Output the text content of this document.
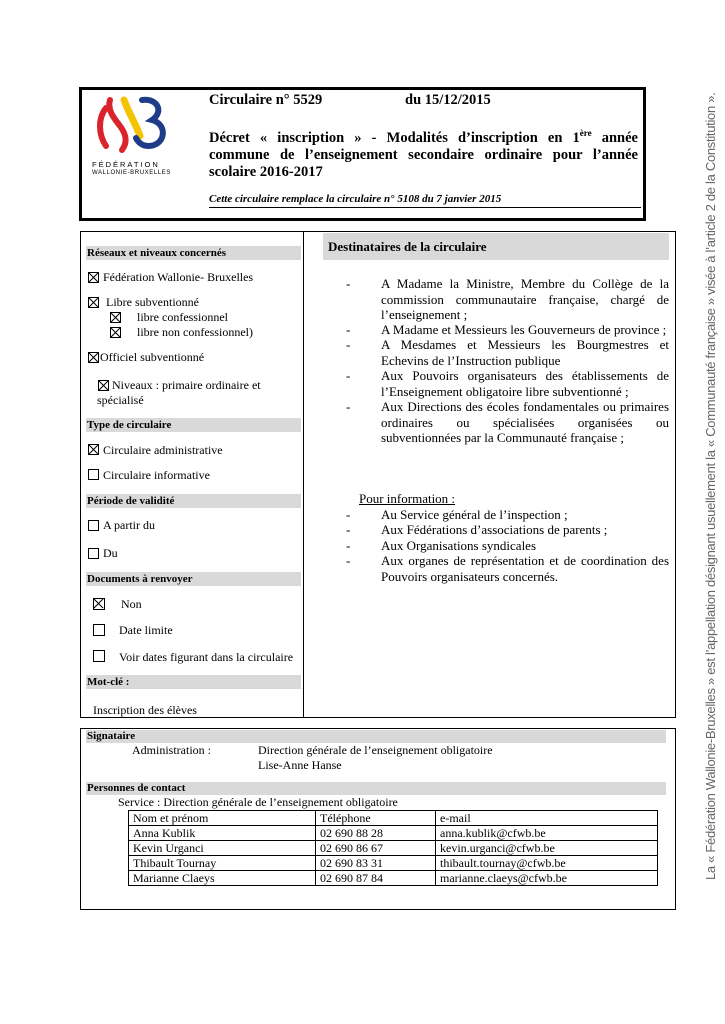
FÉDÉRATION
WALLONIE-BRUXELLES
Circulaire n° 5529	du 15/12/2015
Décret « inscription » - Modalités d’inscription en 1ère année
commune de l’enseignement secondaire ordinaire pour l’année
scolaire 2016-2017
Cette circulaire remplace la circulaire n° 5108 du 7 janvier 2015
Réseaux et niveaux concernés
Fédération Wallonie- Bruxelles
Libre subventionné
libre confessionnel
libre non confessionnel)
Officiel subventionné
Niveaux : primaire ordinaire et
spécialisé
Type de circulaire
Circulaire administrative
Circulaire informative
Période de validité
A partir du
Du
Documents à renvoyer
Non
Date limite
Voir dates figurant dans la circulaire
Mot-clé :
Inscription des élèves
Destinataires de la circulaire
- A Madame la Ministre, Membre du Collège de la commission communautaire française, chargé de l’enseignement ;
- A Madame et Messieurs les Gouverneurs de province ;
- A Mesdames et Messieurs les Bourgmestres et Echevins de l’Instruction publique
- Aux Pouvoirs organisateurs des établissements de l’Enseignement obligatoire libre subventionné ;
- Aux Directions des écoles fondamentales ou primaires ordinaires ou spécialisées organisées ou subventionnées par la Communauté française ;
Pour information :
- Au Service général de l’inspection ;
- Aux Fédérations d’associations de parents ;
- Aux Organisations syndicales
- Aux organes de représentation et de coordination des Pouvoirs organisateurs concernés.
Signataire
Administration :	Direction générale de l’enseignement obligatoire
Lise-Anne Hanse
Personnes de contact
Service : Direction générale de l’enseignement obligatoire
Nom et prénom	Téléphone	e-mail
Anna Kublik	02 690 88 28	anna.kublik@cfwb.be
Kevin Urganci	02 690 86 67	kevin.urganci@cfwb.be
Thibault Tournay	02 690 83 31	thibault.tournay@cfwb.be
Marianne Claeys	02 690 87 84	marianne.claeys@cfwb.be	La « Fédération Wallonie-Bruxelles » est l’appellation désignant usuellement la « Communauté française » visée à l’article 2 de la Constitution ».
